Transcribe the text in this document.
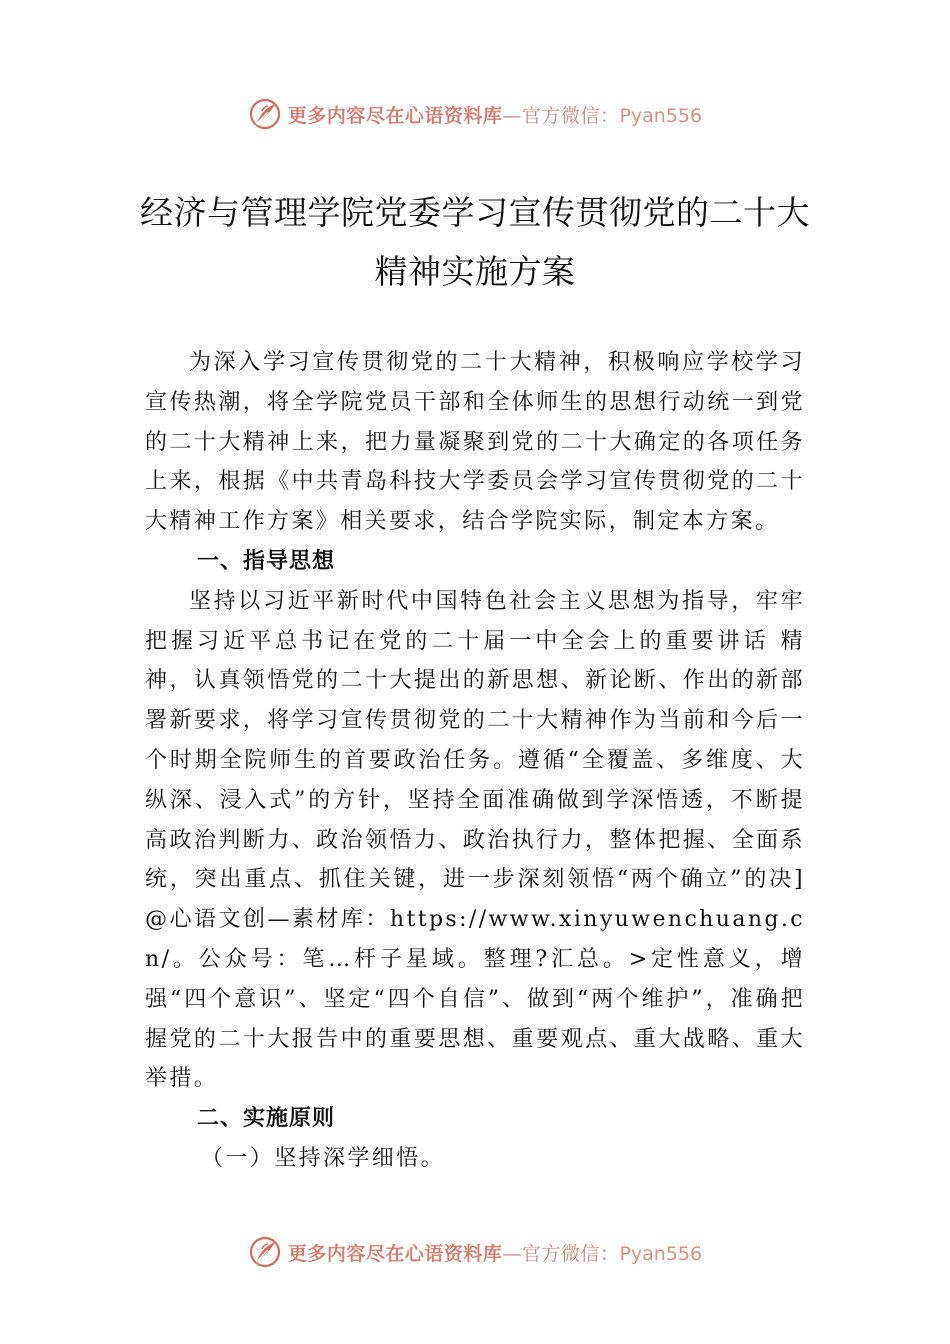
更多内容尽在心语资料库—官方微信：Pyan556
经济与管理学院党委学习宣传贯彻党的二十大精神实施方案

为深入学习宣传贯彻党的二十大精神，积极响应学校学习宣传热潮，将全学院党员干部和全体师生的思想行动统一到党的二十大精神上来，把力量凝聚到党的二十大确定的各项任务上来，根据《中共青岛科技大学委员会学习宣传贯彻党的二十大精神工作方案》相关要求，结合学院实际，制定本方案。

一、指导思想

坚持以习近平新时代中国特色社会主义思想为指导，牢牢把握习近平总书记在党的二十届一中全会上的重要讲话 精神，认真领悟党的二十大提出的新思想、新论断、作出的新部署新要求，将学习宣传贯彻党的二十大精神作为当前和今后一个时期全院师生的首要政治任务。遵循“全覆盖、多维度、大纵深、浸入式”的方针，坚持全面准确做到学深悟透，不断提高政治判断力、政治领悟力、政治执行力，整体把握、全面系统，突出重点、抓住关键，进一步深刻领悟“两个确立”的决]@心语文创—素材库：https://www.xinyuwenchuang.cn/。公众号：笔…杆子星域。整理?汇总。>定性意义，增强“四个意识”、坚定“四个自信”、做到“两个维护”，准确把握党的二十大报告中的重要思想、重要观点、重大战略、重大举措。

二、实施原则

（一）坚持深学细悟。

更多内容尽在心语资料库—官方微信：Pyan556
